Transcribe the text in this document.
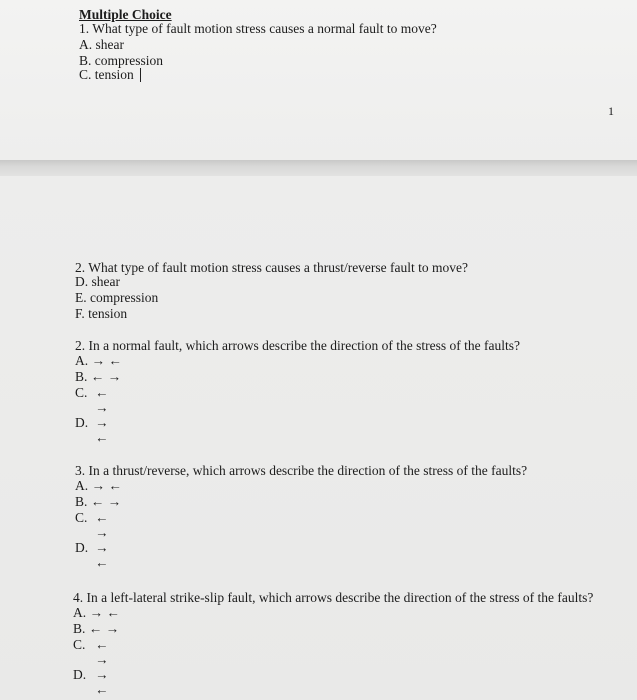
Multiple Choice
1. What type of fault motion stress causes a normal fault to move?
A. shear
B. compression
C. tension
1
2. What type of fault motion stress causes a thrust/reverse fault to move?
D. shear
E. compression
F. tension
2. In a normal fault, which arrows describe the direction of the stress of the faults?
A. → ←
B. ← →
C. ←
→
D. →
←
3. In a thrust/reverse, which arrows describe the direction of the stress of the faults?
A. → ←
B. ← →
C. ←
→
D. →
←
4. In a left-lateral strike-slip fault, which arrows describe the direction of the stress of the faults?
A. → ←
B. ← →
C. ←
→
D. →
←
